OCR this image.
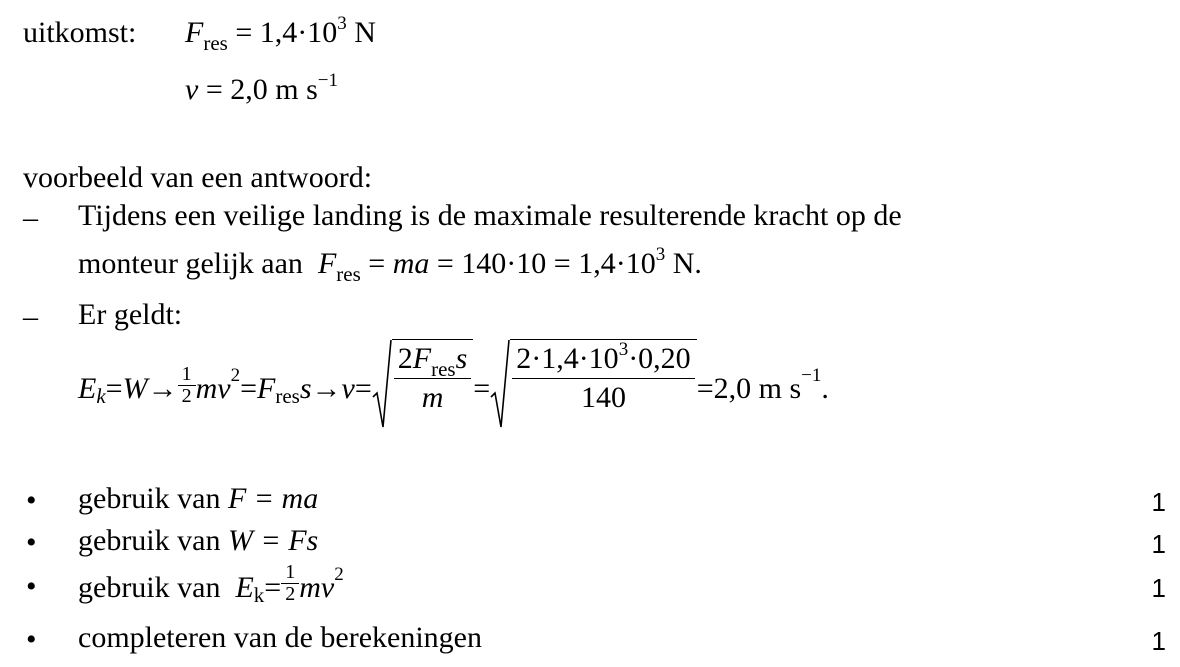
uitkomst: $F_{res} = 1,4\cdot 10^3$ N
v = 2,0 m $s^{-1}$
voorbeeld van een antwoord:
– Tijdens een veilige landing is de maximale resulterende kracht op de
monteur gelijk aan $F_{res}$ = ma = $140\cdot 10 = 1,4\cdot 10^3$ N.
– Er geldt:
E $k = W \to \frac{1}{2}$ m v 2 = F res $s \to v = \frac{2F_{res}s}{m} = \frac{2\cdot 1,4\cdot 10^3\cdot 0,20}{140} = 2,0$ m s −1 .
• gebruik van F = ma	1
• gebruik van W = Fs	1
• gebruik van
E $k = \frac{1}{2}$ mv 2	1
• completeren van de berekeningen	1
